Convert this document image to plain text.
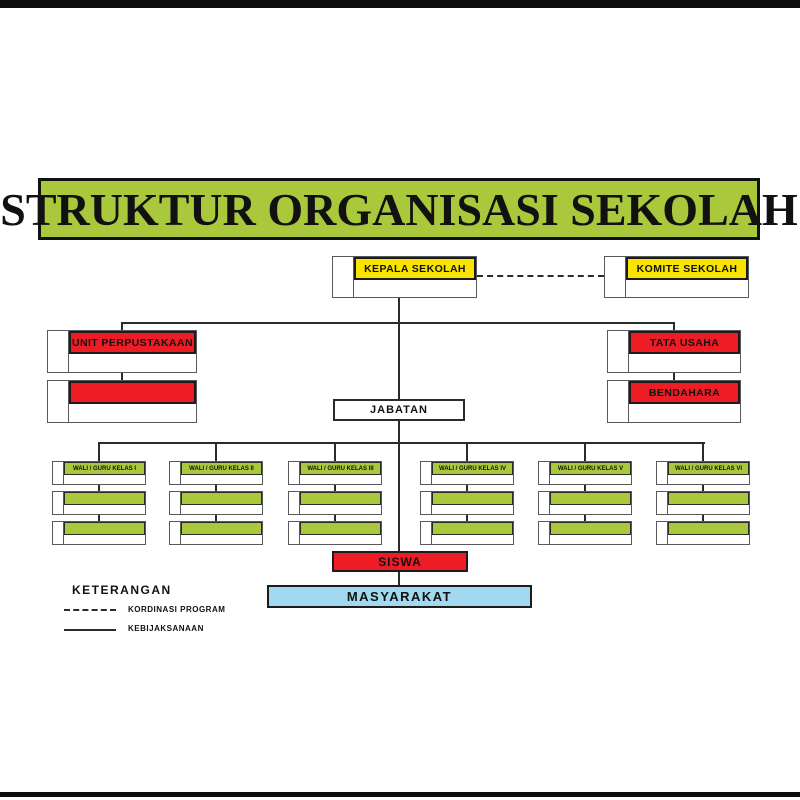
STRUKTUR ORGANISASI SEKOLAH
KEPALA SEKOLAH	KOMITE SEKOLAH
UNIT PERPUSTAKAAN	TATA USAHA
BENDAHARA
JABATAN
WALI / GURU KELAS I	WALI / GURU KELAS II	WALI / GURU KELAS III	WALI / GURU KELAS IV	WALI / GURU KELAS V	WALI / GURU KELAS VI
SISWA
MASYARAKAT
KETERANGAN
KORDINASI PROGRAM
KEBIJAKSANAAN
